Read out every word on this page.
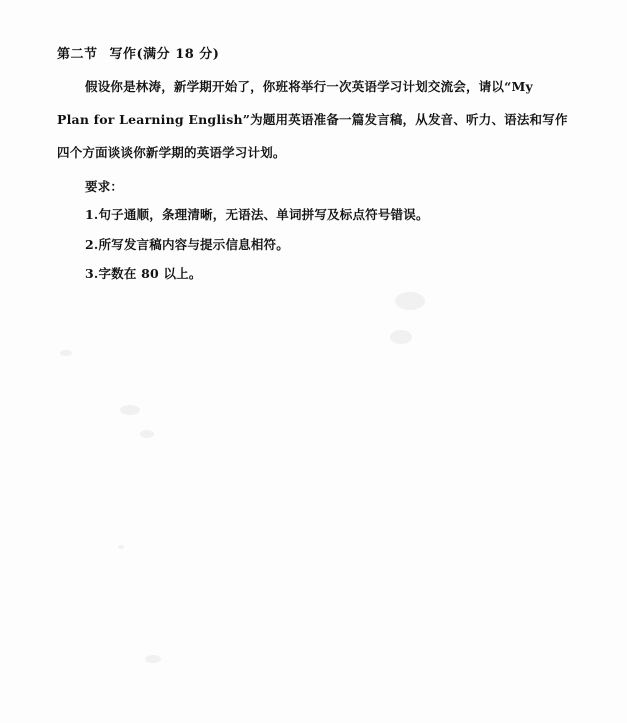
第二节 写作(满分 18 分)
假设你是林涛，新学期开始了，你班将举行一次英语学习计划交流会，请以“My
Plan for Learning English”为题用英语准备一篇发言稿，从发音、听力、语法和写作
四个方面谈谈你新学期的英语学习计划。
要求：
1.句子通顺，条理清晰，无语法、单词拼写及标点符号错误。
2.所写发言稿内容与提示信息相符。
3.字数在 80 以上。
